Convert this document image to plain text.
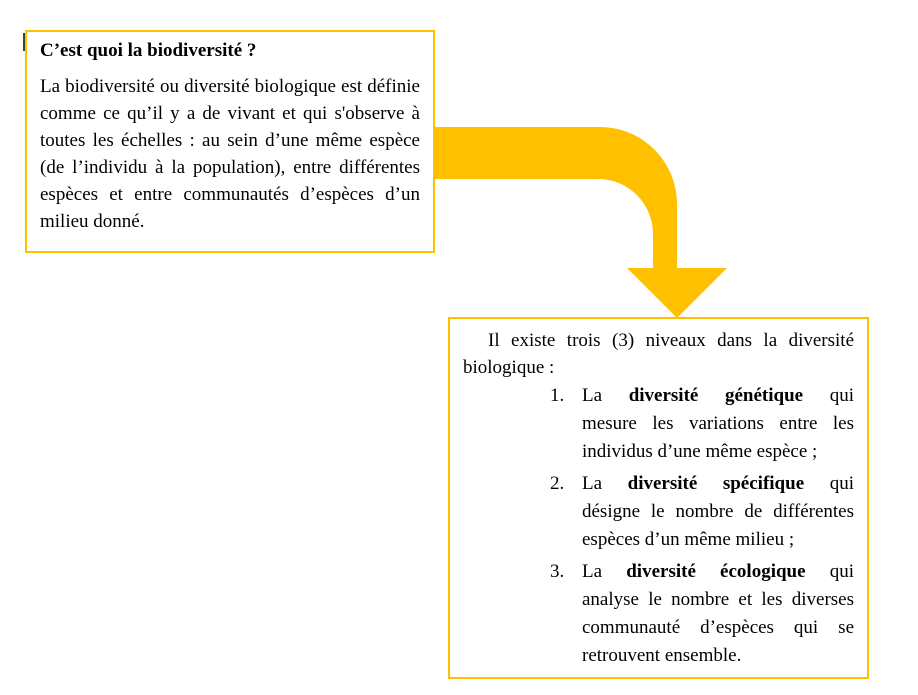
C’est quoi la biodiversité ?

La biodiversité ou diversité biologique est définie comme ce qu’il y a de vivant et qui s'observe à toutes les échelles : au sein d’une même espèce (de l’individu à la population), entre différentes espèces et entre communautés d’espèces d’un milieu donné.

Il existe trois (3) niveaux dans la diversité biologique :

1. La diversité génétique qui
mesure les variations entre les individus d’une même espèce ;
2. La diversité spécifique qui
désigne le nombre de différentes espèces d’un même milieu ;
3. La diversité écologique qui
analyse le nombre et les diverses communauté d’espèces qui se retrouvent ensemble.
